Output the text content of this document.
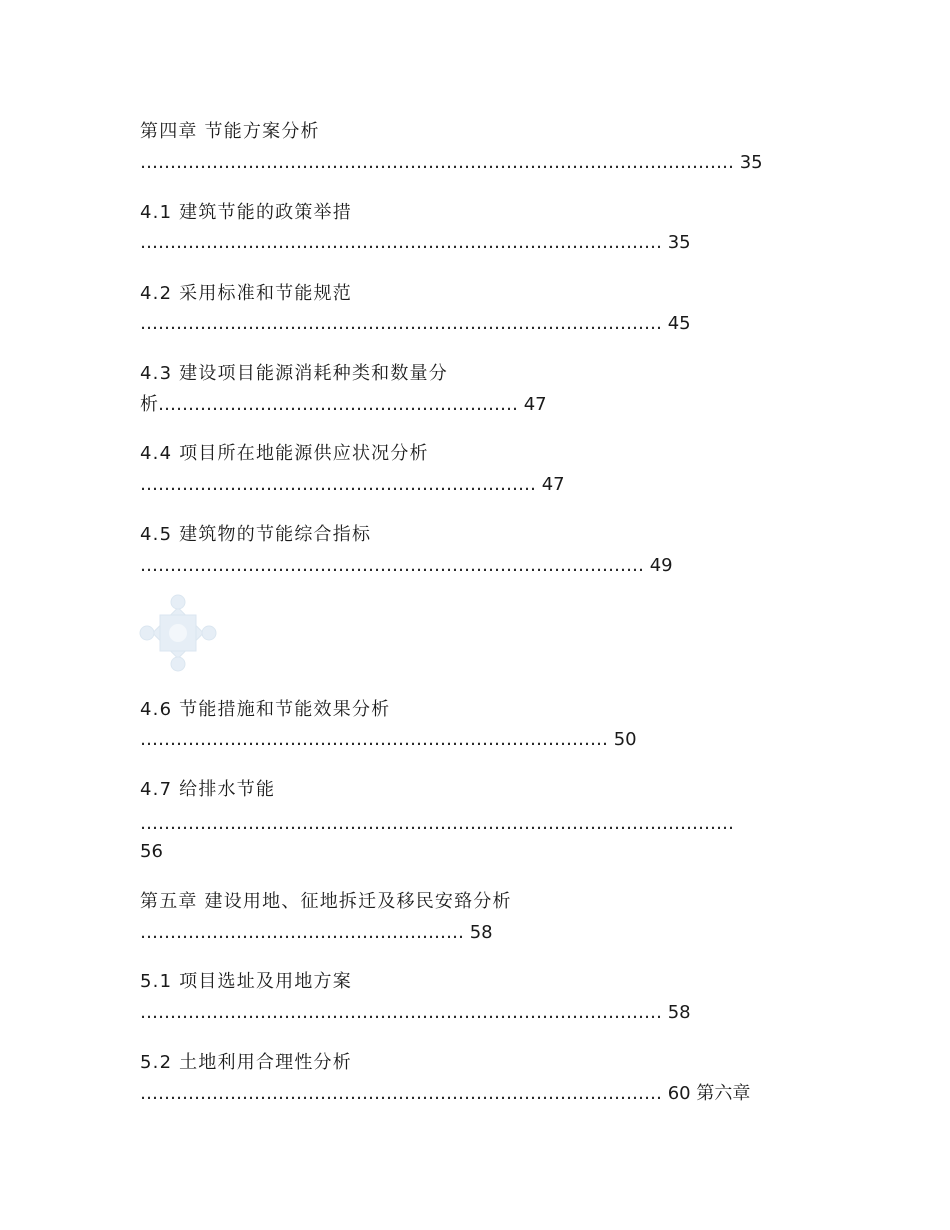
第四章 节能方案分析
……………………………………………………………………………………… 35
4.1 建筑节能的政策举措
…………………………………………………………………………… 35
4.2 采用标准和节能规范
…………………………………………………………………………… 45
4.3 建设项目能源消耗种类和数量分
析…………………………………………………… 47
4.4 项目所在地能源供应状况分析
………………………………………………………… 47
4.5 建筑物的节能综合指标
………………………………………………………………………… 49
4.6 节能措施和节能效果分析
…………………………………………………………………… 50
4.7 给排水节能
………………………………………………………………………………………
56
第五章 建设用地、征地拆迁及移民安臵分析
……………………………………………… 58
5.1 项目选址及用地方案
…………………………………………………………………………… 58
5.2 土地利用合理性分析
…………………………………………………………………………… 60 第六章
